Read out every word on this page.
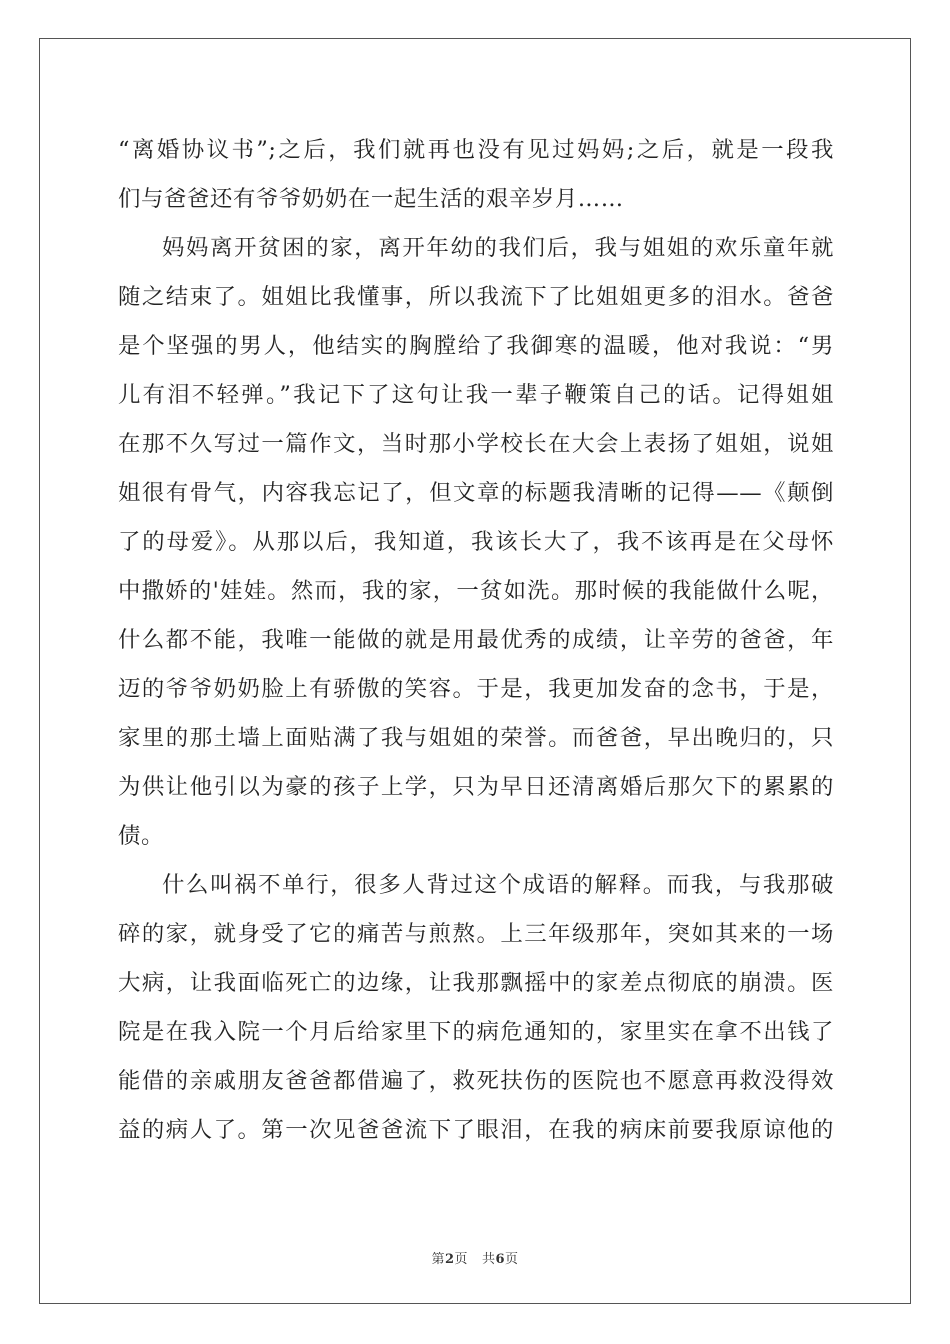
“离婚协议书”;之后，我们就再也没有见过妈妈;之后，就是一段我
们与爸爸还有爷爷奶奶在一起生活的艰辛岁月……
妈妈离开贫困的家，离开年幼的我们后，我与姐姐的欢乐童年就
随之结束了。姐姐比我懂事，所以我流下了比姐姐更多的泪水。爸爸
是个坚强的男人，他结实的胸膛给了我御寒的温暖，他对我说：“男
儿有泪不轻弹。”我记下了这句让我一辈子鞭策自己的话。记得姐姐
在那不久写过一篇作文，当时那小学校长在大会上表扬了姐姐，说姐
姐很有骨气，内容我忘记了，但文章的标题我清晰的记得——《颠倒
了的母爱》。从那以后，我知道，我该长大了，我不该再是在父母怀
中撒娇的'娃娃。然而，我的家，一贫如洗。那时候的我能做什么呢，
什么都不能，我唯一能做的就是用最优秀的成绩，让辛劳的爸爸，年
迈的爷爷奶奶脸上有骄傲的笑容。于是，我更加发奋的念书，于是，
家里的那土墙上面贴满了我与姐姐的荣誉。而爸爸，早出晚归的，只
为供让他引以为豪的孩子上学，只为早日还清离婚后那欠下的累累的
债。
什么叫祸不单行，很多人背过这个成语的解释。而我，与我那破
碎的家，就身受了它的痛苦与煎熬。上三年级那年，突如其来的一场
大病，让我面临死亡的边缘，让我那飘摇中的家差点彻底的崩溃。医
院是在我入院一个月后给家里下的病危通知的，家里实在拿不出钱了
能借的亲戚朋友爸爸都借遍了，救死扶伤的医院也不愿意再救没得效
益的病人了。第一次见爸爸流下了眼泪，在我的病床前要我原谅他的
第2页 共6页
